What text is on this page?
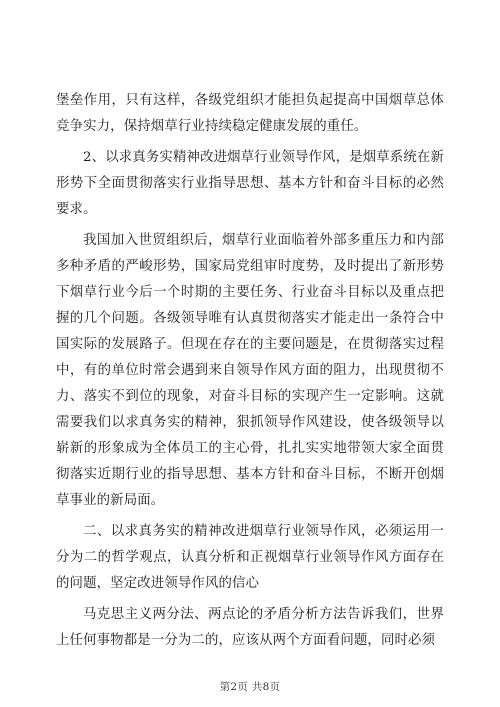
堡垒作用，只有这样，各级党组织才能担负起提高中国烟草总体竞争实力，保持烟草行业持续稳定健康发展的重任。

2、以求真务实精神改进烟草行业领导作风，是烟草系统在新形势下全面贯彻落实行业指导思想、基本方针和奋斗目标的必然要求。

我国加入世贸组织后，烟草行业面临着外部多重压力和内部多种矛盾的严峻形势，国家局党组审时度势，及时提出了新形势下烟草行业今后一个时期的主要任务、行业奋斗目标以及重点把握的几个问题。各级领导唯有认真贯彻落实才能走出一条符合中国实际的发展路子。但现在存在的主要问题是，在贯彻落实过程中，有的单位时常会遇到来自领导作风方面的阻力，出现贯彻不力、落实不到位的现象，对奋斗目标的实现产生一定影响。这就需要我们以求真务实的精神，狠抓领导作风建设，使各级领导以崭新的形象成为全体员工的主心骨，扎扎实实地带领大家全面贯彻落实近期行业的指导思想、基本方针和奋斗目标，不断开创烟草事业的新局面。

二、以求真务实的精神改进烟草行业领导作风，必须运用一分为二的哲学观点，认真分析和正视烟草行业领导作风方面存在的问题，坚定改进领导作风的信心

马克思主义两分法、两点论的矛盾分析方法告诉我们，世界上任何事物都是一分为二的，应该从两个方面看问题，同时必须

第2页 共8页
